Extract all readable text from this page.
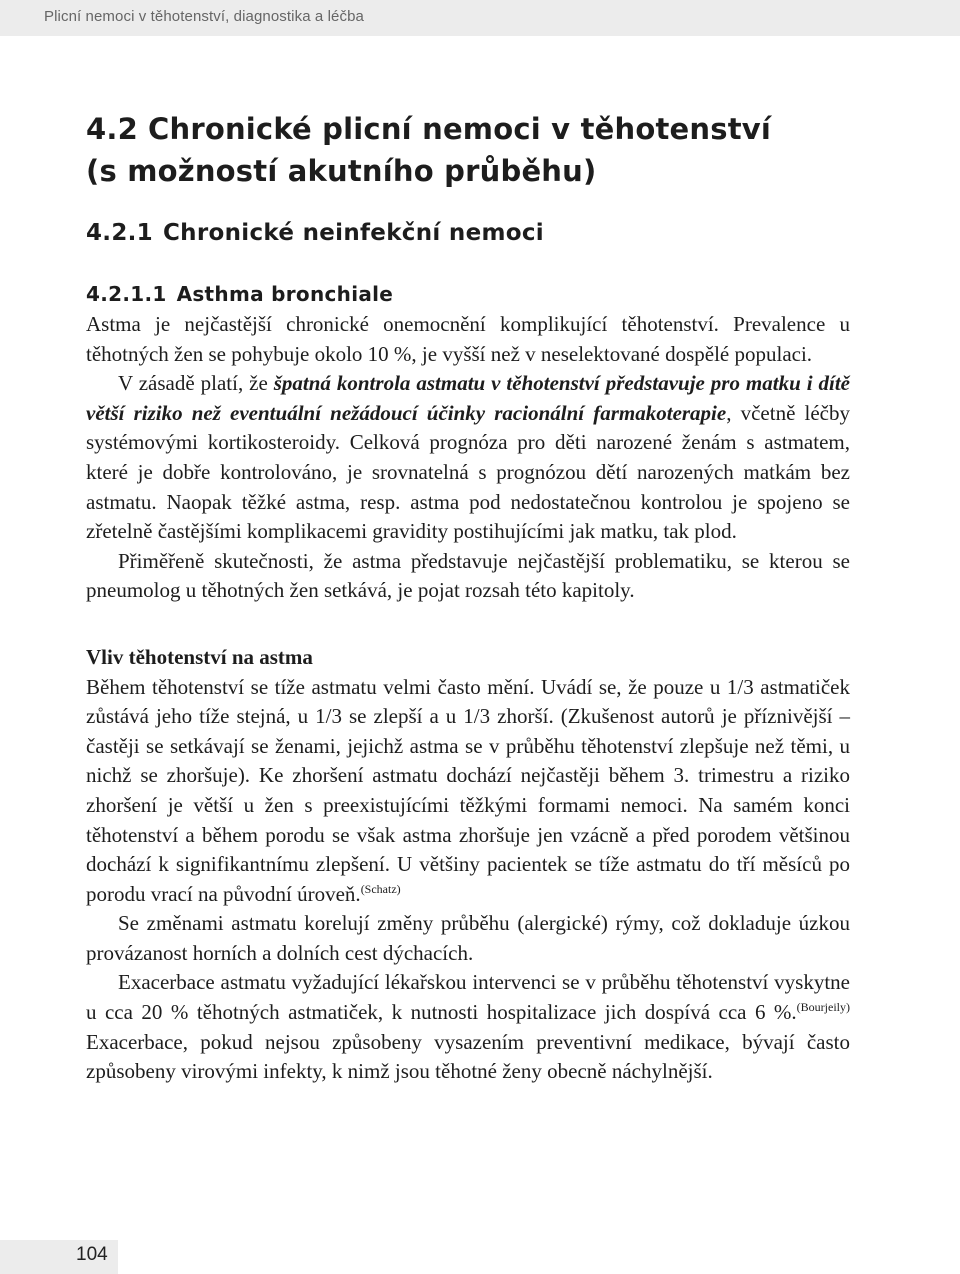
Plicní nemoci v těhotenství, diagnostika a léčba
4.2 Chronické plicní nemoci v těhotenství
(s možností akutního průběhu)
4.2.1 Chronické neinfekční nemoci
4.2.1.1 Asthma bronchiale

Astma je nejčastější chronické onemocnění komplikující těhotenství. Prevalence u těhotných žen se pohybuje okolo 10 %, je vyšší než v neselektované dospělé populaci.

V zásadě platí, že špatná kontrola astmatu v těhotenství představuje pro matku i dítě větší riziko než eventuální nežádoucí účinky racionální farmakoterapie, včetně léčby systémovými kortikosteroidy. Celková prognóza pro děti narozené ženám s astmatem, které je dobře kontrolováno, je srovnatelná s prognózou dětí narozených matkám bez astmatu. Naopak těžké astma, resp. astma pod nedostatečnou kontrolou je spojeno se zřetelně častějšími komplikacemi gravidity postihujícími jak matku, tak plod.

Přiměřeně skutečnosti, že astma představuje nejčastější problematiku, se kterou se pneumolog u těhotných žen setkává, je pojat rozsah této kapitoly.

Vliv těhotenství na astma

Během těhotenství se tíže astmatu velmi často mění. Uvádí se, že pouze u 1/3 astmatiček zůstává jeho tíže stejná, u 1/3 se zlepší a u 1/3 zhorší. (Zkušenost autorů je příznivější – častěji se setkávají se ženami, jejichž astma se v průběhu těhotenství zlepšuje než těmi, u nichž se zhoršuje). Ke zhoršení astmatu dochází nejčastěji během 3. trimestru a riziko zhoršení je větší u žen s preexistujícími těžkými formami nemoci. Na samém konci těhotenství a během porodu se však astma zhoršuje jen vzácně a před porodem většinou dochází k signifikantnímu zlepšení. U většiny pacientek se tíže astmatu do tří měsíců po porodu vrací na původní úroveň.$^{(Schatz)}$

Se změnami astmatu korelují změny průběhu (alergické) rýmy, což dokladuje úzkou provázanost horních a dolních cest dýchacích.

Exacerbace astmatu vyžadující lékařskou intervenci se v průběhu těhotenství vyskytne u cca 20 % těhotných astmatiček, k nutnosti hospitalizace jich dospívá cca 6 %.$^{(Bourjeily)}$ Exacerbace, pokud nejsou způsobeny vysazením preventivní medikace, bývají často způsobeny virovými infekty, k nimž jsou těhotné ženy obecně náchylnější.

104
